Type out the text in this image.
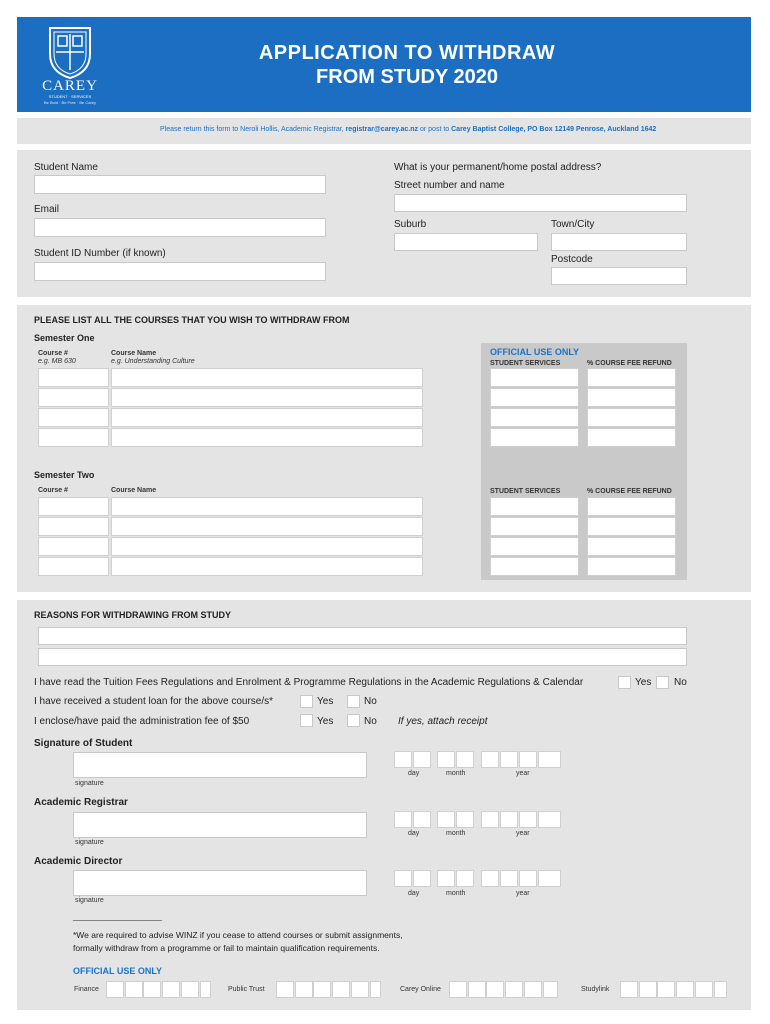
CAREY
STUDENT · SERVICES
Be Bold · Be Free · Be Carey
APPLICATION TO WITHDRAW
FROM STUDY 2020
Please return this form to Neroli Hollis, Academic Registrar, registrar@carey.ac.nz or post to Carey Baptist College, PO Box 12149 Penrose, Auckland 1642
Student Name
Email
Student ID Number (if known)
What is your permanent/home postal address?
Street number and name
Suburb	Town/City
Postcode
PLEASE LIST ALL THE COURSES THAT YOU WISH TO WITHDRAW FROM
Semester One
Course #
e.g. MB 630
Course Name
e.g. Understanding Culture
Semester Two
Course #	Course Name
OFFICIAL USE ONLY
STUDENT SERVICES	% COURSE FEE REFUND
STUDENT SERVICES	% COURSE FEE REFUND
REASONS FOR WITHDRAWING FROM STUDY
I have read the Tuition Fees Regulations and Enrolment & Programme Regulations in the Academic Regulations & Calendar	Yes No
I have received a student loan for the above course/s*	Yes	No
I enclose/have paid the administration fee of $50	Yes	No If yes, attach receipt
Signature of Student
signature
day	month	year
Academic Registrar
signature
day	month	year
Academic Director
signature
day	month	year
____________________
*We are required to advise WINZ if you cease to attend courses or submit assignments,
formally withdraw from a programme or fail to maintain qualification requirements.
OFFICIAL USE ONLY
Finance	Public Trust	Carey Online	Studylink
